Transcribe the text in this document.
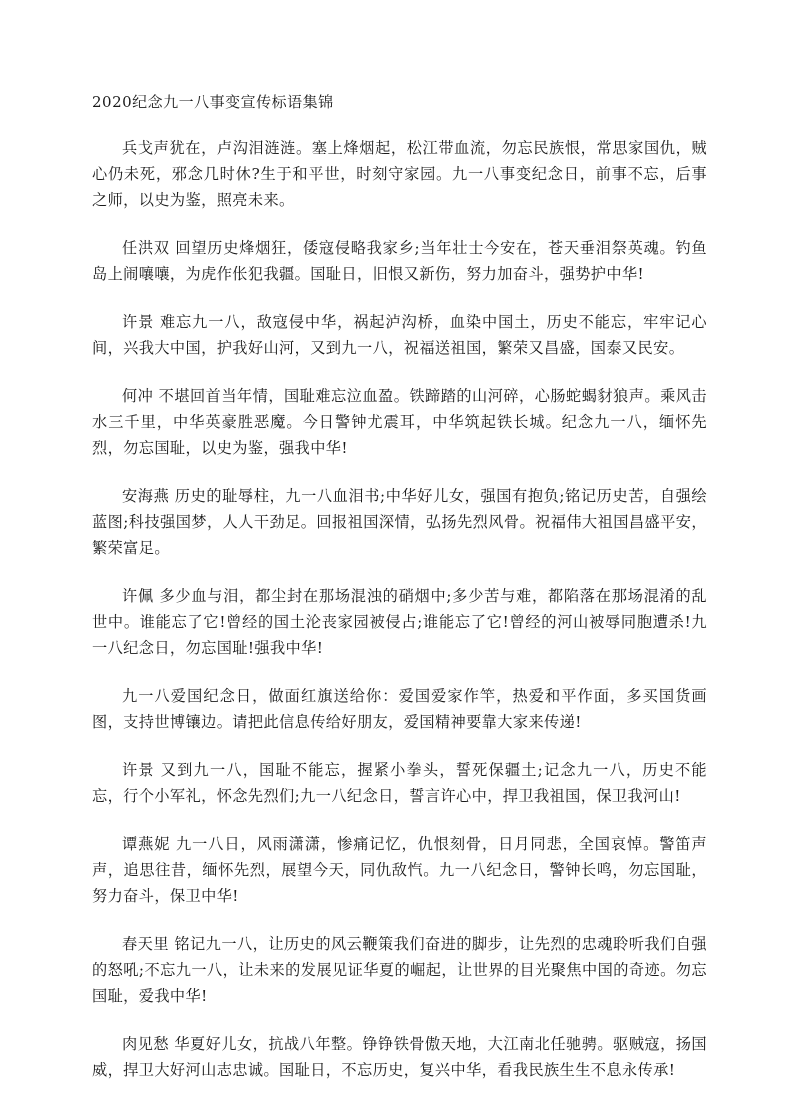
2020纪念九一八事变宣传标语集锦

兵戈声犹在，卢沟泪涟涟。塞上烽烟起，松江带血流，勿忘民族恨，常思家国仇，贼心仍未死，邪念几时休?生于和平世，时刻守家园。九一八事变纪念日，前事不忘，后事之师，以史为鉴，照亮未来。

任洪双 回望历史烽烟狂，倭寇侵略我家乡;当年壮士今安在，苍天垂泪祭英魂。钓鱼岛上闹嚷嚷，为虎作伥犯我疆。国耻日，旧恨又新伤，努力加奋斗，强势护中华!

许景 难忘九一八，敌寇侵中华，祸起泸沟桥，血染中国土，历史不能忘，牢牢记心间，兴我大中国，护我好山河，又到九一八，祝福送祖国，繁荣又昌盛，国泰又民安。

何冲 不堪回首当年情，国耻难忘泣血盈。铁蹄踏的山河碎，心肠蛇蝎豺狼声。乘风击水三千里，中华英豪胜恶魔。今日警钟尤震耳，中华筑起铁长城。纪念九一八，缅怀先烈，勿忘国耻，以史为鉴，强我中华!

安海燕 历史的耻辱柱，九一八血泪书;中华好儿女，强国有抱负;铭记历史苦，自强绘蓝图;科技强国梦，人人干劲足。回报祖国深情，弘扬先烈风骨。祝福伟大祖国昌盛平安，繁荣富足。

许佩 多少血与泪，都尘封在那场混浊的硝烟中;多少苦与难，都陷落在那场混淆的乱世中。谁能忘了它!曾经的国土沦丧家园被侵占;谁能忘了它!曾经的河山被辱同胞遭杀!九一八纪念日，勿忘国耻!强我中华!

九一八爱国纪念日，做面红旗送给你：爱国爱家作竿，热爱和平作面，多买国货画图，支持世博镶边。请把此信息传给好朋友，爱国精神要靠大家来传递!

许景 又到九一八，国耻不能忘，握紧小拳头，誓死保疆土;记念九一八，历史不能忘，行个小军礼，怀念先烈们;九一八纪念日，誓言许心中，捍卫我祖国，保卫我河山!

谭燕妮 九一八日，风雨潇潇，惨痛记忆，仇恨刻骨，日月同悲，全国哀悼。警笛声声，追思往昔，缅怀先烈，展望今天，同仇敌忾。九一八纪念日，警钟长鸣，勿忘国耻，努力奋斗，保卫中华!

春天里 铭记九一八，让历史的风云鞭策我们奋进的脚步，让先烈的忠魂聆听我们自强的怒吼;不忘九一八，让未来的发展见证华夏的崛起，让世界的目光聚焦中国的奇迹。勿忘国耻，爱我中华!

肉见愁 华夏好儿女，抗战八年整。铮铮铁骨傲天地，大江南北任驰骋。驱贼寇，扬国威，捍卫大好河山志忠诚。国耻日，不忘历史，复兴中华，看我民族生生不息永传承!
